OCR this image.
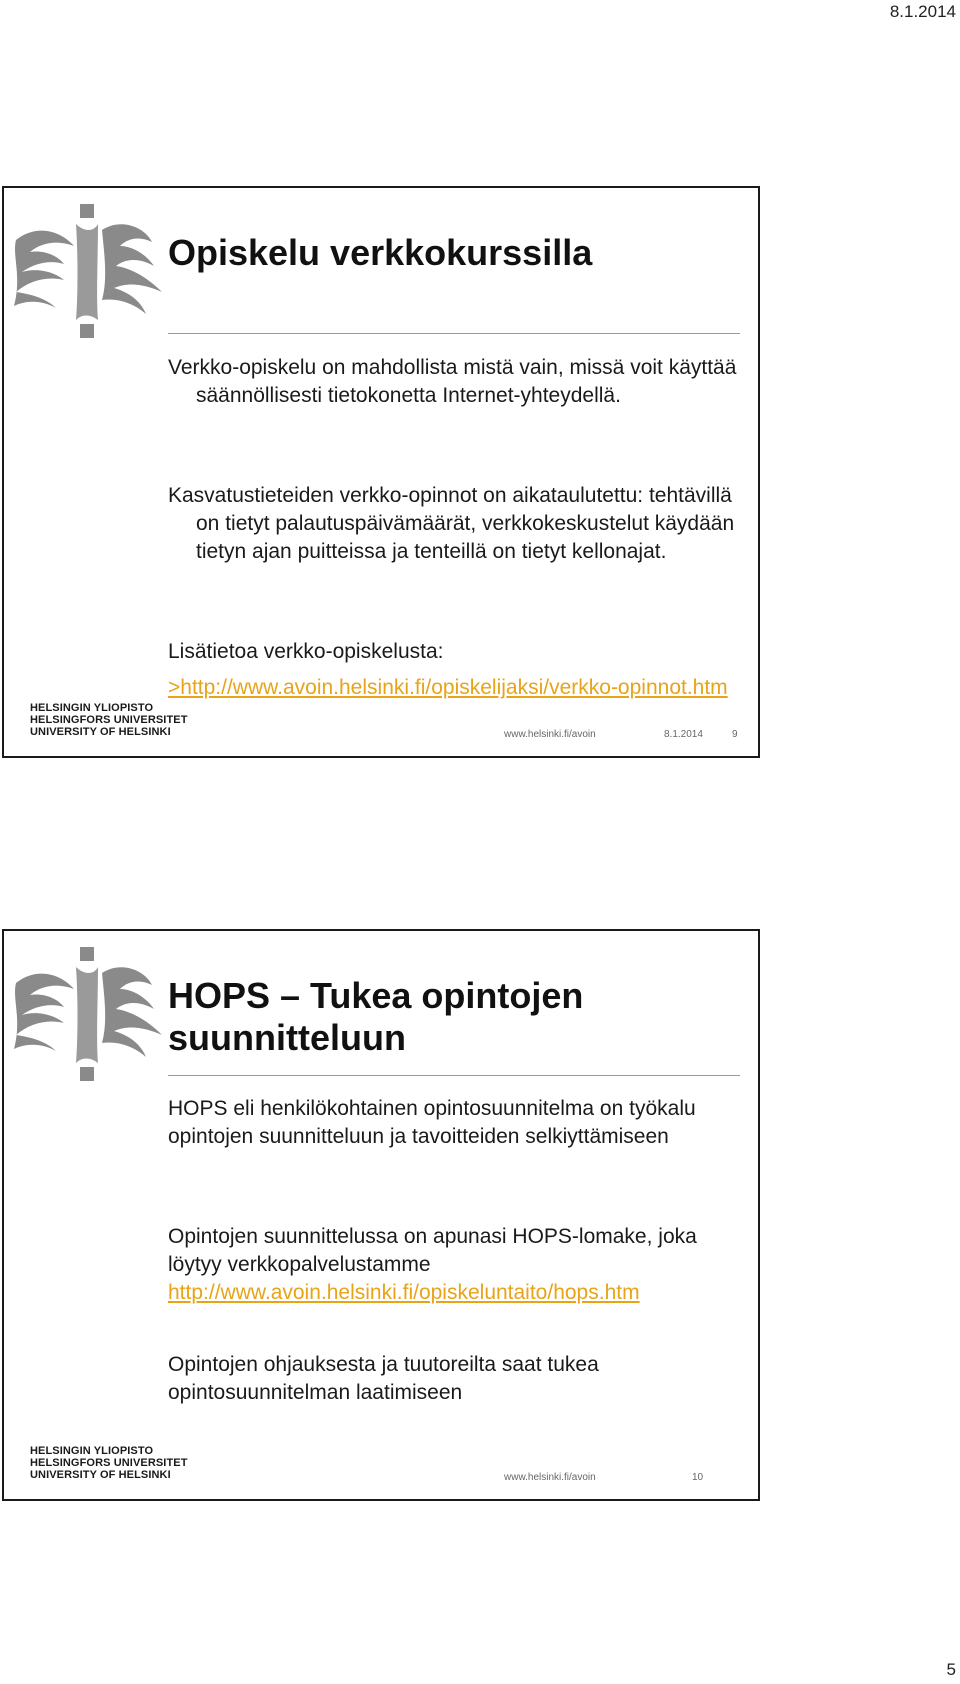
8.1.2014
Opiskelu verkkokurssilla

Verkko-opiskelu on mahdollista mistä vain, missä voit käyttää säännöllisesti tietokonetta Internet-yhteydellä.

Kasvatustieteiden verkko-opinnot on aikataulutettu: tehtävillä on tietyt palautuspäivämäärät, verkkokeskustelut käydään tietyn ajan puitteissa ja tenteillä on tietyt kellonajat.

Lisätietoa verkko-opiskelusta:

>http://www.avoin.helsinki.fi/opiskelijaksi/verkko-opinnot.htm

HELSINGIN YLIOPISTO
HELSINGFORS UNIVERSITET
UNIVERSITY OF HELSINKI	www.helsinki.fi/avoin	8.1.2014	9
HOPS – Tukea opintojen
suunnitteluun

HOPS eli henkilökohtainen opintosuunnitelma on työkalu opintojen suunnitteluun ja tavoitteiden selkiyttämiseen

Opintojen suunnittelussa on apunasi HOPS-lomake, joka löytyy verkkopalvelustamme

http://www.avoin.helsinki.fi/opiskeluntaito/hops.htm

Opintojen ohjauksesta ja tuutoreilta saat tukea opintosuunnitelman laatimiseen

HELSINGIN YLIOPISTO
HELSINGFORS UNIVERSITET
UNIVERSITY OF HELSINKI	www.helsinki.fi/avoin	10
5
